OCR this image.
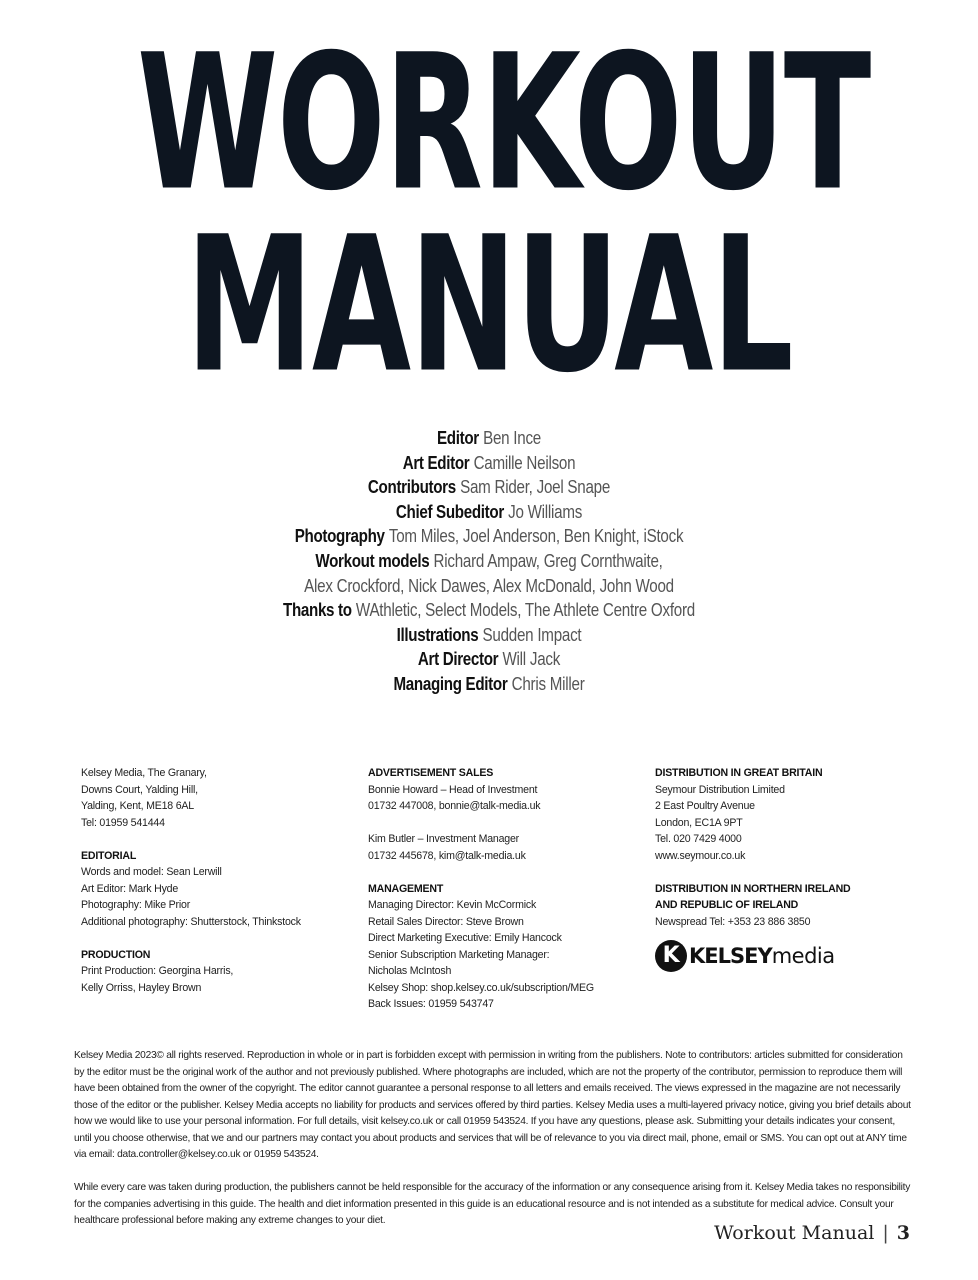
WORKOUT
MANUAL
Editor Ben Ince
Art Editor Camille Neilson
Contributors Sam Rider, Joel Snape
Chief Subeditor Jo Williams
Photography Tom Miles, Joel Anderson, Ben Knight, iStock
Workout models Richard Ampaw, Greg Cornthwaite,
Alex Crockford, Nick Dawes, Alex McDonald, John Wood
Thanks to WAthletic, Select Models, The Athlete Centre Oxford
Illustrations Sudden Impact
Art Director Will Jack
Managing Editor Chris Miller
Kelsey Media, The Granary,
Downs Court, Yalding Hill,
Yalding, Kent, ME18 6AL
Tel: 01959 541444
EDITORIAL
Words and model: Sean Lerwill
Art Editor: Mark Hyde
Photography: Mike Prior
Additional photography: Shutterstock, Thinkstock
PRODUCTION
Print Production: Georgina Harris,
Kelly Orriss, Hayley Brown
ADVERTISEMENT SALES
Bonnie Howard – Head of Investment
01732 447008, bonnie@talk-media.uk
Kim Butler – Investment Manager
01732 445678, kim@talk-media.uk
MANAGEMENT
Managing Director: Kevin McCormick
Retail Sales Director: Steve Brown
Direct Marketing Executive: Emily Hancock
Senior Subscription Marketing Manager:
Nicholas McIntosh
Kelsey Shop: shop.kelsey.co.uk/subscription/MEG
Back Issues: 01959 543747
DISTRIBUTION IN GREAT BRITAIN
Seymour Distribution Limited
2 East Poultry Avenue
London, EC1A 9PT
Tel. 020 7429 4000
www.seymour.co.uk
DISTRIBUTION IN NORTHERN IRELAND
AND REPUBLIC OF IRELAND
Newspread Tel: +353 23 886 3850
K KELSEY media
Kelsey Media 2023© all rights reserved. Reproduction in whole or in part is forbidden except with permission in writing from the publishers. Note to contributors: articles submitted for consideration by the editor must be the original work of the author and not previously published. Where photographs are included, which are not the property of the contributor, permission to reproduce them will have been obtained from the owner of the copyright. The editor cannot guarantee a personal response to all letters and emails received. The views expressed in the magazine are not necessarily those of the editor or the publisher. Kelsey Media accepts no liability for products and services offered by third parties. Kelsey Media uses a multi-layered privacy notice, giving you brief details about how we would like to use your personal information. For full details, visit kelsey.co.uk or call 01959 543524. If you have any questions, please ask. Submitting your details indicates your consent, until you choose otherwise, that we and our partners may contact you about products and services that will be of relevance to you via direct mail, phone, email or SMS. You can opt out at ANY time via email: data.controller@kelsey.co.uk or 01959 543524.
While every care was taken during production, the publishers cannot be held responsible for the accuracy of the information or any consequence arising from it. Kelsey Media takes no responsibility for the companies advertising in this guide. The health and diet information presented in this guide is an educational resource and is not intended as a substitute for medical advice. Consult your healthcare professional before making any extreme changes to your diet.
Workout Manual | 3
